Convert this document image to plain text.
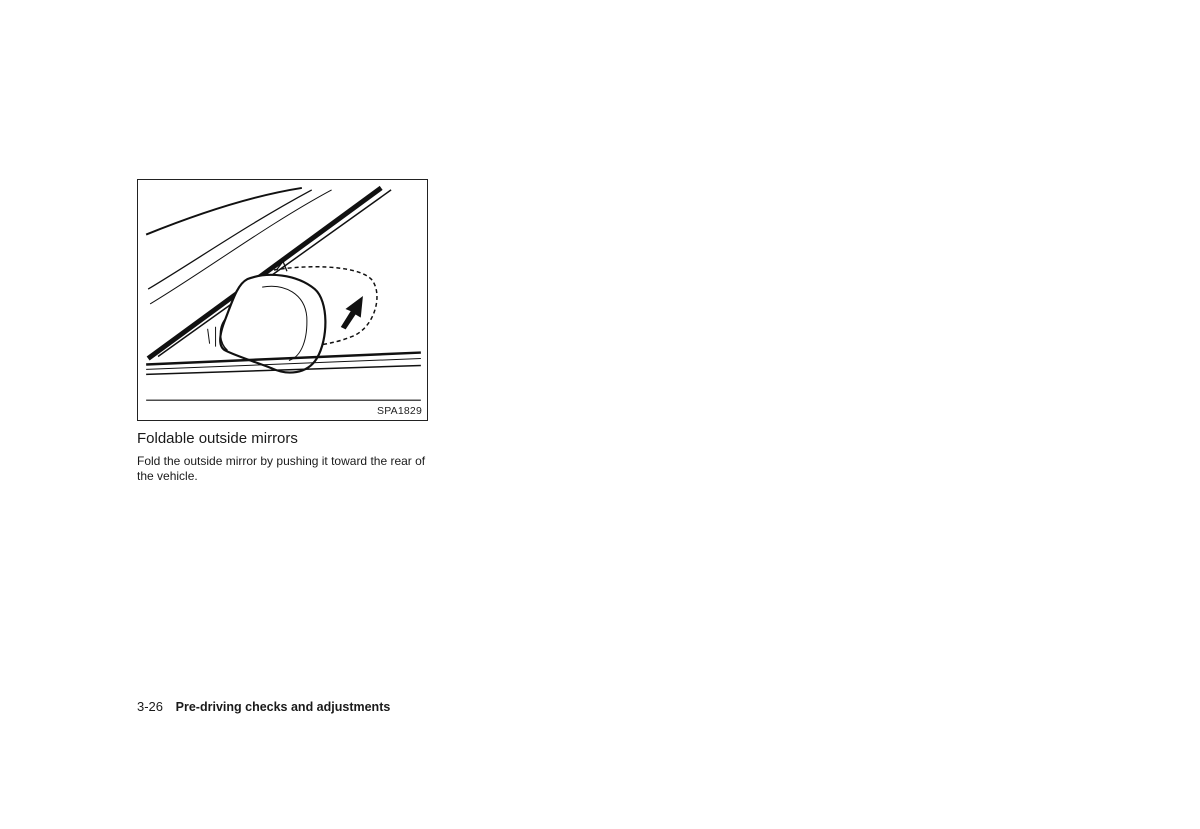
SPA1829
Foldable outside mirrors

Fold the outside mirror by pushing it toward the rear of the vehicle.

3-26 Pre-driving checks and adjustments
